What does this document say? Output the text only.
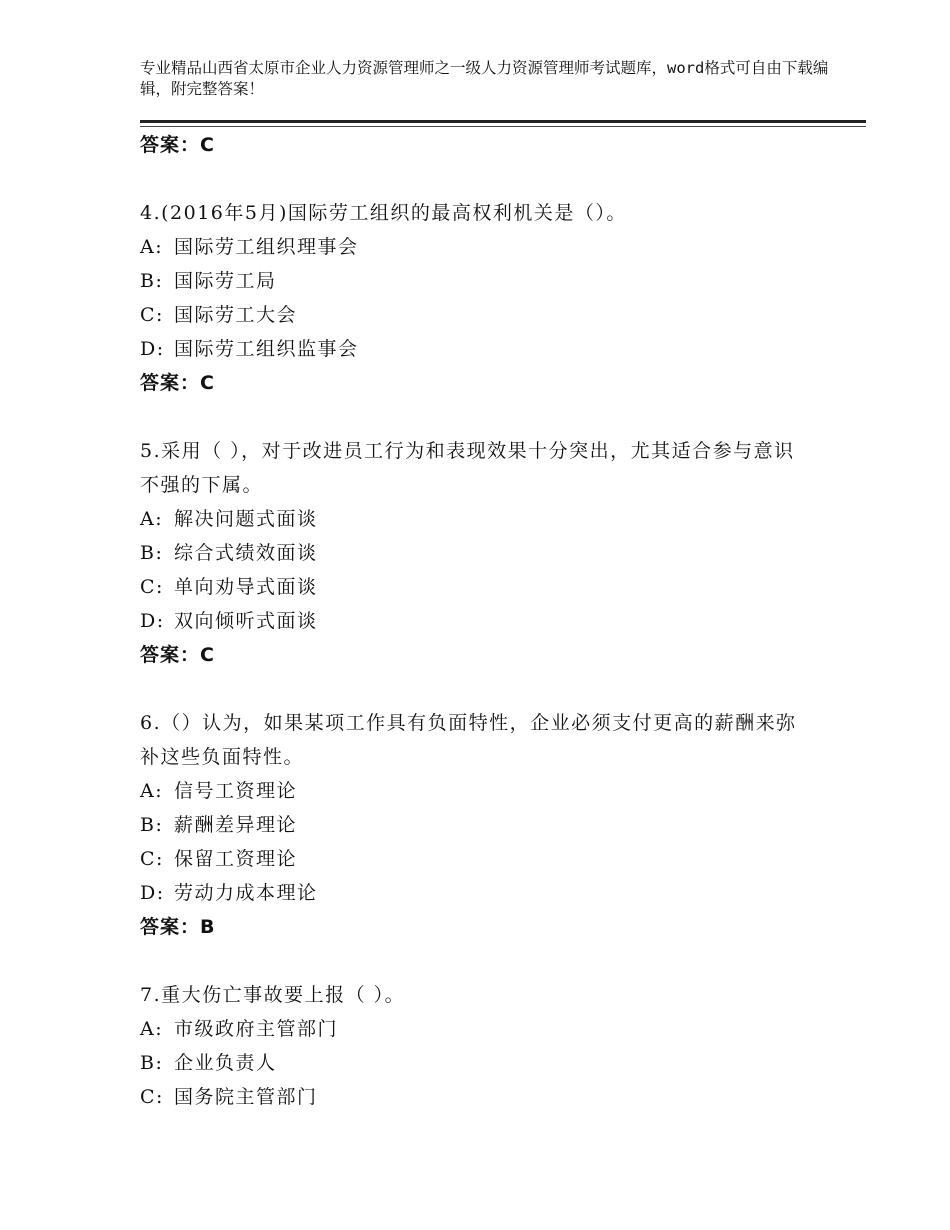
专业精品山西省太原市企业人力资源管理师之一级人力资源管理师考试题库，word格式可自由下载编辑，附完整答案！
答案：C
4.(2016年5月)国际劳工组织的最高权利机关是（）。
A: 国际劳工组织理事会
B: 国际劳工局
C: 国际劳工大会
D: 国际劳工组织监事会
答案：C
5.采用（ ），对于改进员工行为和表现效果十分突出，尤其适合参与意识不强的下属。
A: 解决问题式面谈
B: 综合式绩效面谈
C: 单向劝导式面谈
D: 双向倾听式面谈
答案：C
6.（）认为，如果某项工作具有负面特性，企业必须支付更高的薪酬来弥补这些负面特性。
A: 信号工资理论
B: 薪酬差异理论
C: 保留工资理论
D: 劳动力成本理论
答案：B
7.重大伤亡事故要上报（ ）。
A: 市级政府主管部门
B: 企业负责人
C: 国务院主管部门
